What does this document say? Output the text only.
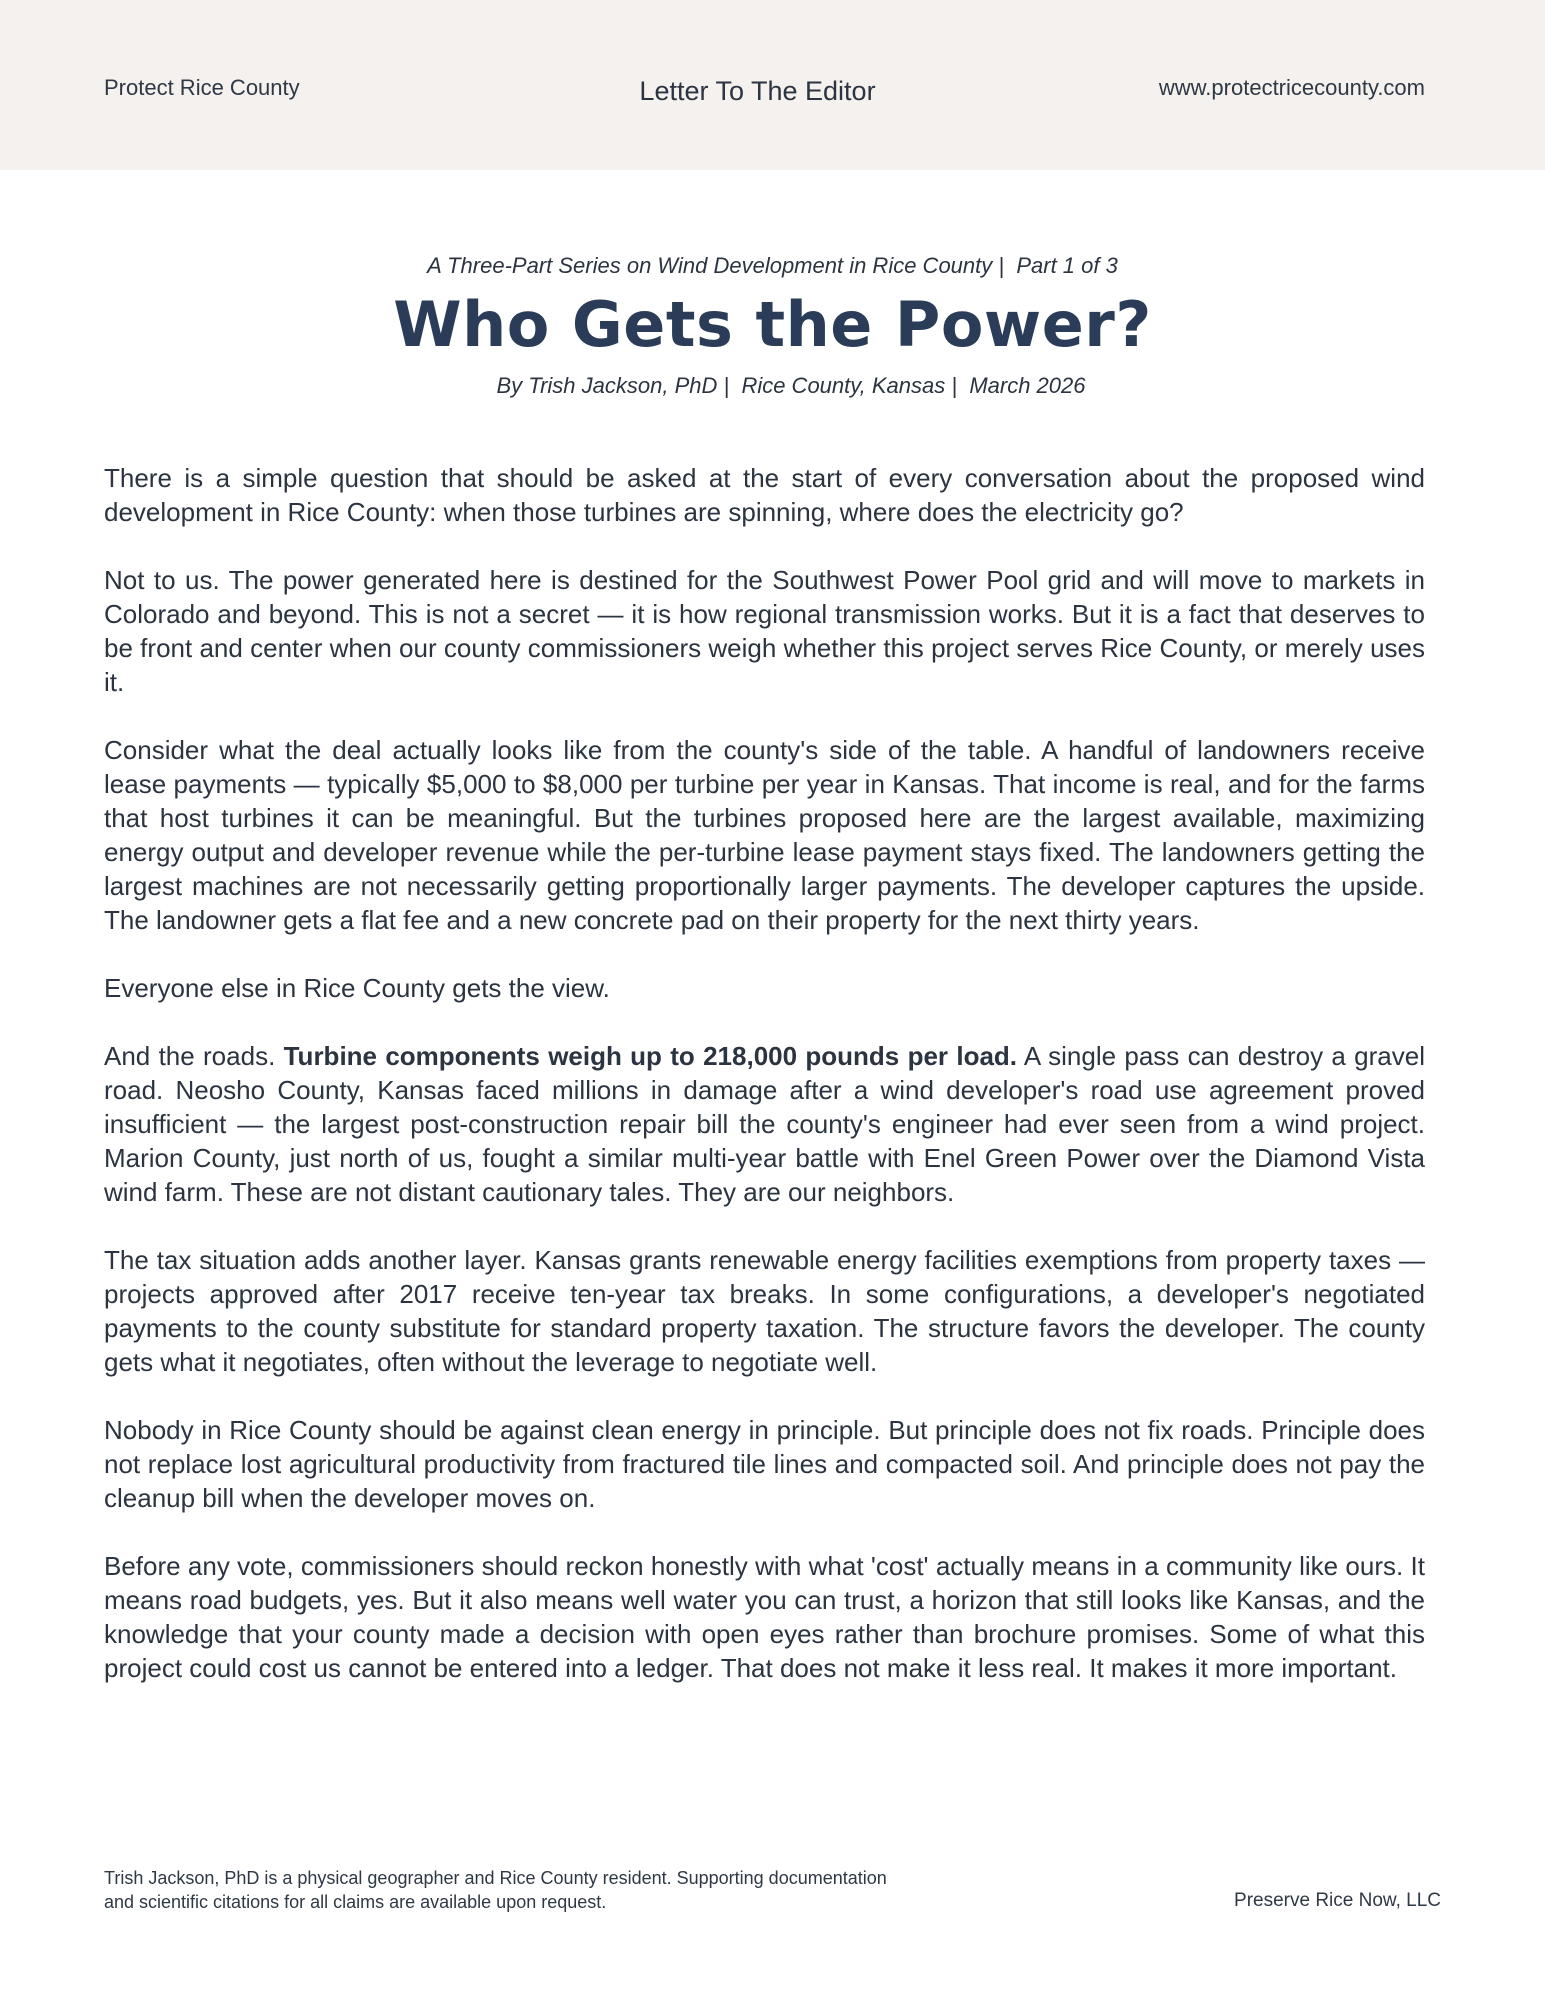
Protect Rice County	Letter To The Editor	www.protectricecounty.com
A Three-Part Series on Wind Development in Rice County |  Part 1 of 3
Who Gets the Power?
By Trish Jackson, PhD |  Rice County, Kansas |  March 2026

There is a simple question that should be asked at the start of every conversation about the proposed wind development in Rice County: when those turbines are spinning, where does the electricity go?

Not to us. The power generated here is destined for the Southwest Power Pool grid and will move to markets in Colorado and beyond. This is not a secret — it is how regional transmission works. But it is a fact that deserves to be front and center when our county commissioners weigh whether this project serves Rice County, or merely uses it.

Consider what the deal actually looks like from the county's side of the table. A handful of landowners receive lease payments — typically $5,000 to $8,000 per turbine per year in Kansas. That income is real, and for the farms that host turbines it can be meaningful. But the turbines proposed here are the largest available, maximizing energy output and developer revenue while the per-turbine lease payment stays fixed. The landowners getting the largest machines are not necessarily getting proportionally larger payments. The developer captures the upside. The landowner gets a flat fee and a new concrete pad on their property for the next thirty years.

Everyone else in Rice County gets the view.

And the roads. Turbine components weigh up to 218,000 pounds per load. A single pass can destroy a gravel road. Neosho County, Kansas faced millions in damage after a wind developer's road use agreement proved insufficient — the largest post-construction repair bill the county's engineer had ever seen from a wind project. Marion County, just north of us, fought a similar multi-year battle with Enel Green Power over the Diamond Vista wind farm. These are not distant cautionary tales. They are our neighbors.

The tax situation adds another layer. Kansas grants renewable energy facilities exemptions from property taxes — projects approved after 2017 receive ten-year tax breaks. In some configurations, a developer's negotiated payments to the county substitute for standard property taxation. The structure favors the developer. The county gets what it negotiates, often without the leverage to negotiate well.

Nobody in Rice County should be against clean energy in principle. But principle does not fix roads. Principle does not replace lost agricultural productivity from fractured tile lines and compacted soil. And principle does not pay the cleanup bill when the developer moves on.

Before any vote, commissioners should reckon honestly with what 'cost' actually means in a community like ours. It means road budgets, yes. But it also means well water you can trust, a horizon that still looks like Kansas, and the knowledge that your county made a decision with open eyes rather than brochure promises. Some of what this project could cost us cannot be entered into a ledger. That does not make it less real. It makes it more important.

Trish Jackson, PhD is a physical geographer and Rice County resident. Supporting documentation
and scientific citations for all claims are available upon request.	Preserve Rice Now, LLC
